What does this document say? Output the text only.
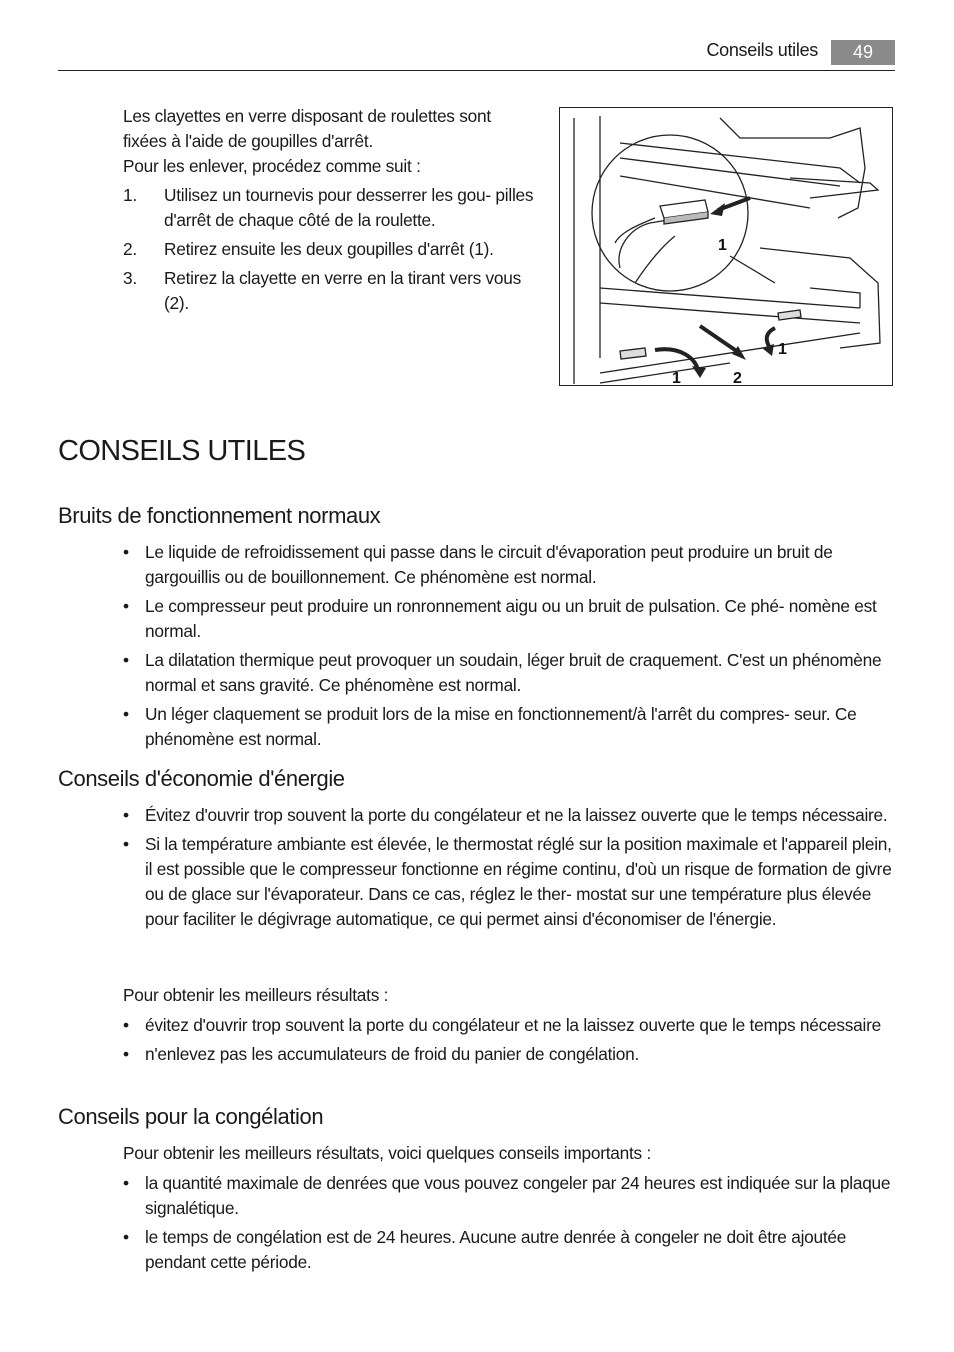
Conseils utiles	49

Les clayettes en verre disposant de roulettes sont fixées à l'aide de goupilles d'arrêt.

Pour les enlever, procédez comme suit :

1. Utilisez un tournevis pour desserrer les gou- pilles d'arrêt de chaque côté de la roulette.
2. Retirez ensuite les deux goupilles d'arrêt (1).
3. Retirez la clayette en verre en la tirant vers vous (2).
1
1
1	2
CONSEILS UTILES
Bruits de fonctionnement normaux
• Le liquide de refroidissement qui passe dans le circuit d'évaporation peut produire un bruit de gargouillis ou de bouillonnement. Ce phénomène est normal.
• Le compresseur peut produire un ronronnement aigu ou un bruit de pulsation. Ce phé- nomène est normal.
• La dilatation thermique peut provoquer un soudain, léger bruit de craquement. C'est un phénomène normal et sans gravité. Ce phénomène est normal.
• Un léger claquement se produit lors de la mise en fonctionnement/à l'arrêt du compres- seur. Ce phénomène est normal.
Conseils d'économie d'énergie
• Évitez d'ouvrir trop souvent la porte du congélateur et ne la laissez ouverte que le temps nécessaire.
• Si la température ambiante est élevée, le thermostat réglé sur la position maximale et l'appareil plein, il est possible que le compresseur fonctionne en régime continu, d'où un risque de formation de givre ou de glace sur l'évaporateur. Dans ce cas, réglez le ther- mostat sur une température plus élevée pour faciliter le dégivrage automatique, ce qui permet ainsi d'économiser de l'énergie.

Pour obtenir les meilleurs résultats :

• évitez d'ouvrir trop souvent la porte du congélateur et ne la laissez ouverte que le temps nécessaire
• n'enlevez pas les accumulateurs de froid du panier de congélation.
Conseils pour la congélation

Pour obtenir les meilleurs résultats, voici quelques conseils importants :

• la quantité maximale de denrées que vous pouvez congeler par 24 heures est indiquée sur la plaque signalétique.
• le temps de congélation est de 24 heures. Aucune autre denrée à congeler ne doit être ajoutée pendant cette période.
